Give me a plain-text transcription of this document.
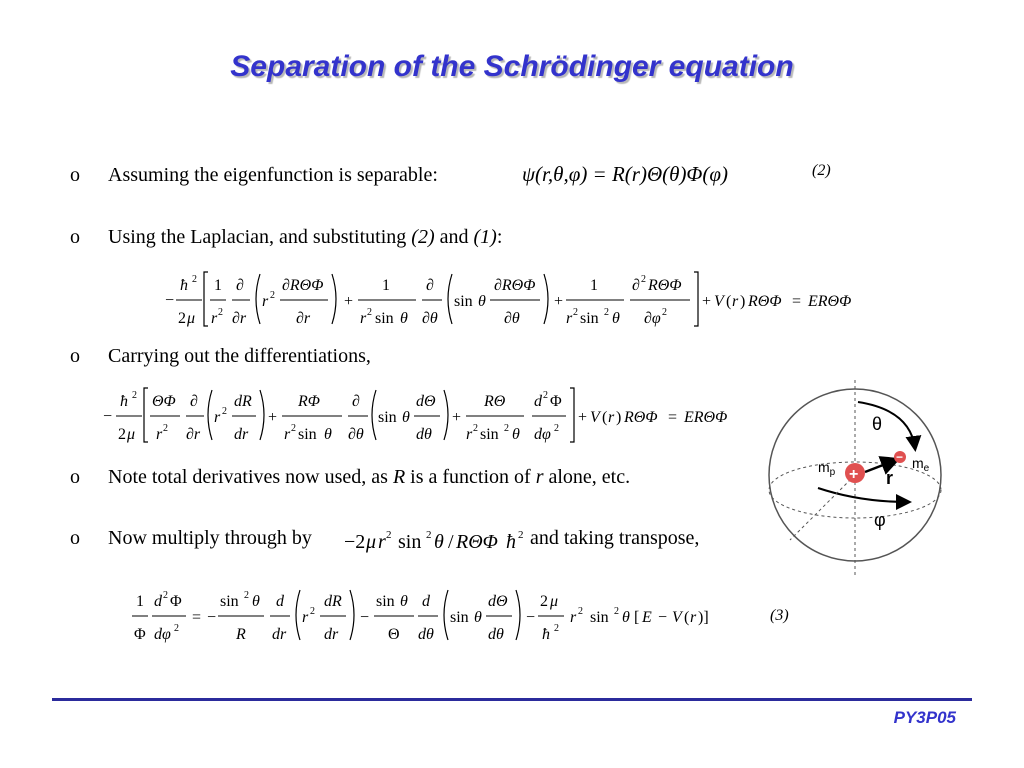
Separation of the Schrödinger equation
o Assuming the eigenfunction is separable:	ψ(r,θ,φ) = R(r)Θ(θ)Φ(φ)	(2)
o Using the Laplacian, and substituting (2) and (1):
−
ħ 2
2 μ
1
r 2
∂
∂r
r 2
∂RΘΦ
∂r
+
1
r 2 sin θ
∂
∂θ
sin θ
∂RΘΦ
∂θ
+
1
r 2 sin 2 θ
∂ 2 RΘΦ
∂φ 2
+ V ( r ) RΘΦ = ERΘΦ
o Carrying out the differentiations,
−
ħ 2
2 μ
ΘΦ
r 2
∂
∂r
r 2
dR
dr
+
RΦ
r 2 sin θ
∂
∂θ
sin θ
dΘ
dθ
+
RΘ
r 2 sin 2 θ
d 2 Φ
dφ 2
+ V ( r ) RΘΦ = ERΘΦ
o Note total derivatives now used, as R is a function of r alone, etc.
o Now multiply through by −2 μ r 2 sin 2 θ / RΘΦ ħ 2 and taking transpose,
1
Φ
d 2 Φ
dφ 2
= −
sin 2 θ
R
d
dr
r 2
dR
dr
−
sin θ
Θ
d
dθ
sin θ
dΘ
dθ
−
2 μ
ħ 2
r 2 sin 2 θ [ E − V ( r )]	(3)
θ
r
φ
+
$m_p$
− $m_e$
PY3P05
